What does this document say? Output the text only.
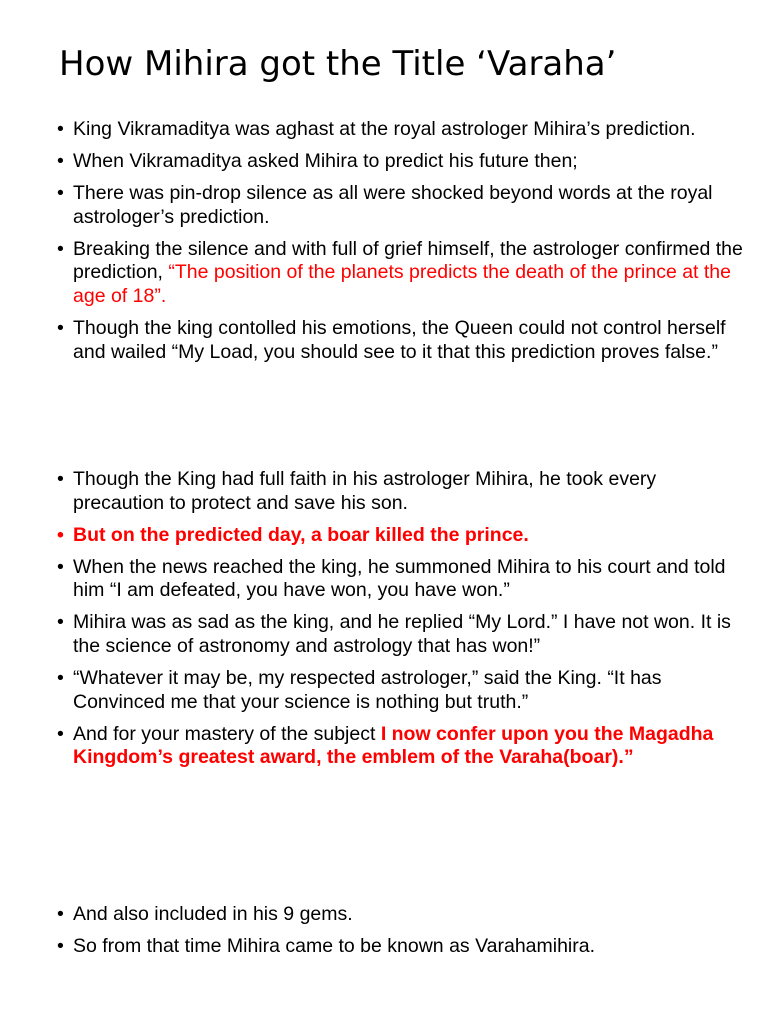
How Mihira got the Title ‘Varaha’
• King Vikramaditya was aghast at the royal astrologer Mihira’s prediction.
• When Vikramaditya asked Mihira to predict his future then;
• There was pin-drop silence as all were shocked beyond words at the royal astrologer’s prediction.
• Breaking the silence and with full of grief himself, the astrologer confirmed the prediction, “The position of the planets predicts the death of the prince at the age of 18”.
• Though the king contolled his emotions, the Queen could not control herself and wailed “My Load, you should see to it that this prediction proves false.”
• Though the King had full faith in his astrologer Mihira, he took every precaution to protect and save his son.
• But on the predicted day, a boar killed the prince.
• When the news reached the king, he summoned Mihira to his court and told him “I am defeated, you have won, you have won.”
• Mihira was as sad as the king, and he replied “My Lord.” I have not won. It is the science of astronomy and astrology that has won!”
• “Whatever it may be, my respected astrologer,” said the King. “It has Convinced me that your science is nothing but truth.”
• And for your mastery of the subject I now confer upon you the Magadha Kingdom’s greatest award, the emblem of the Varaha(boar).”
• And also included in his 9 gems.
• So from that time Mihira came to be known as Varahamihira.
